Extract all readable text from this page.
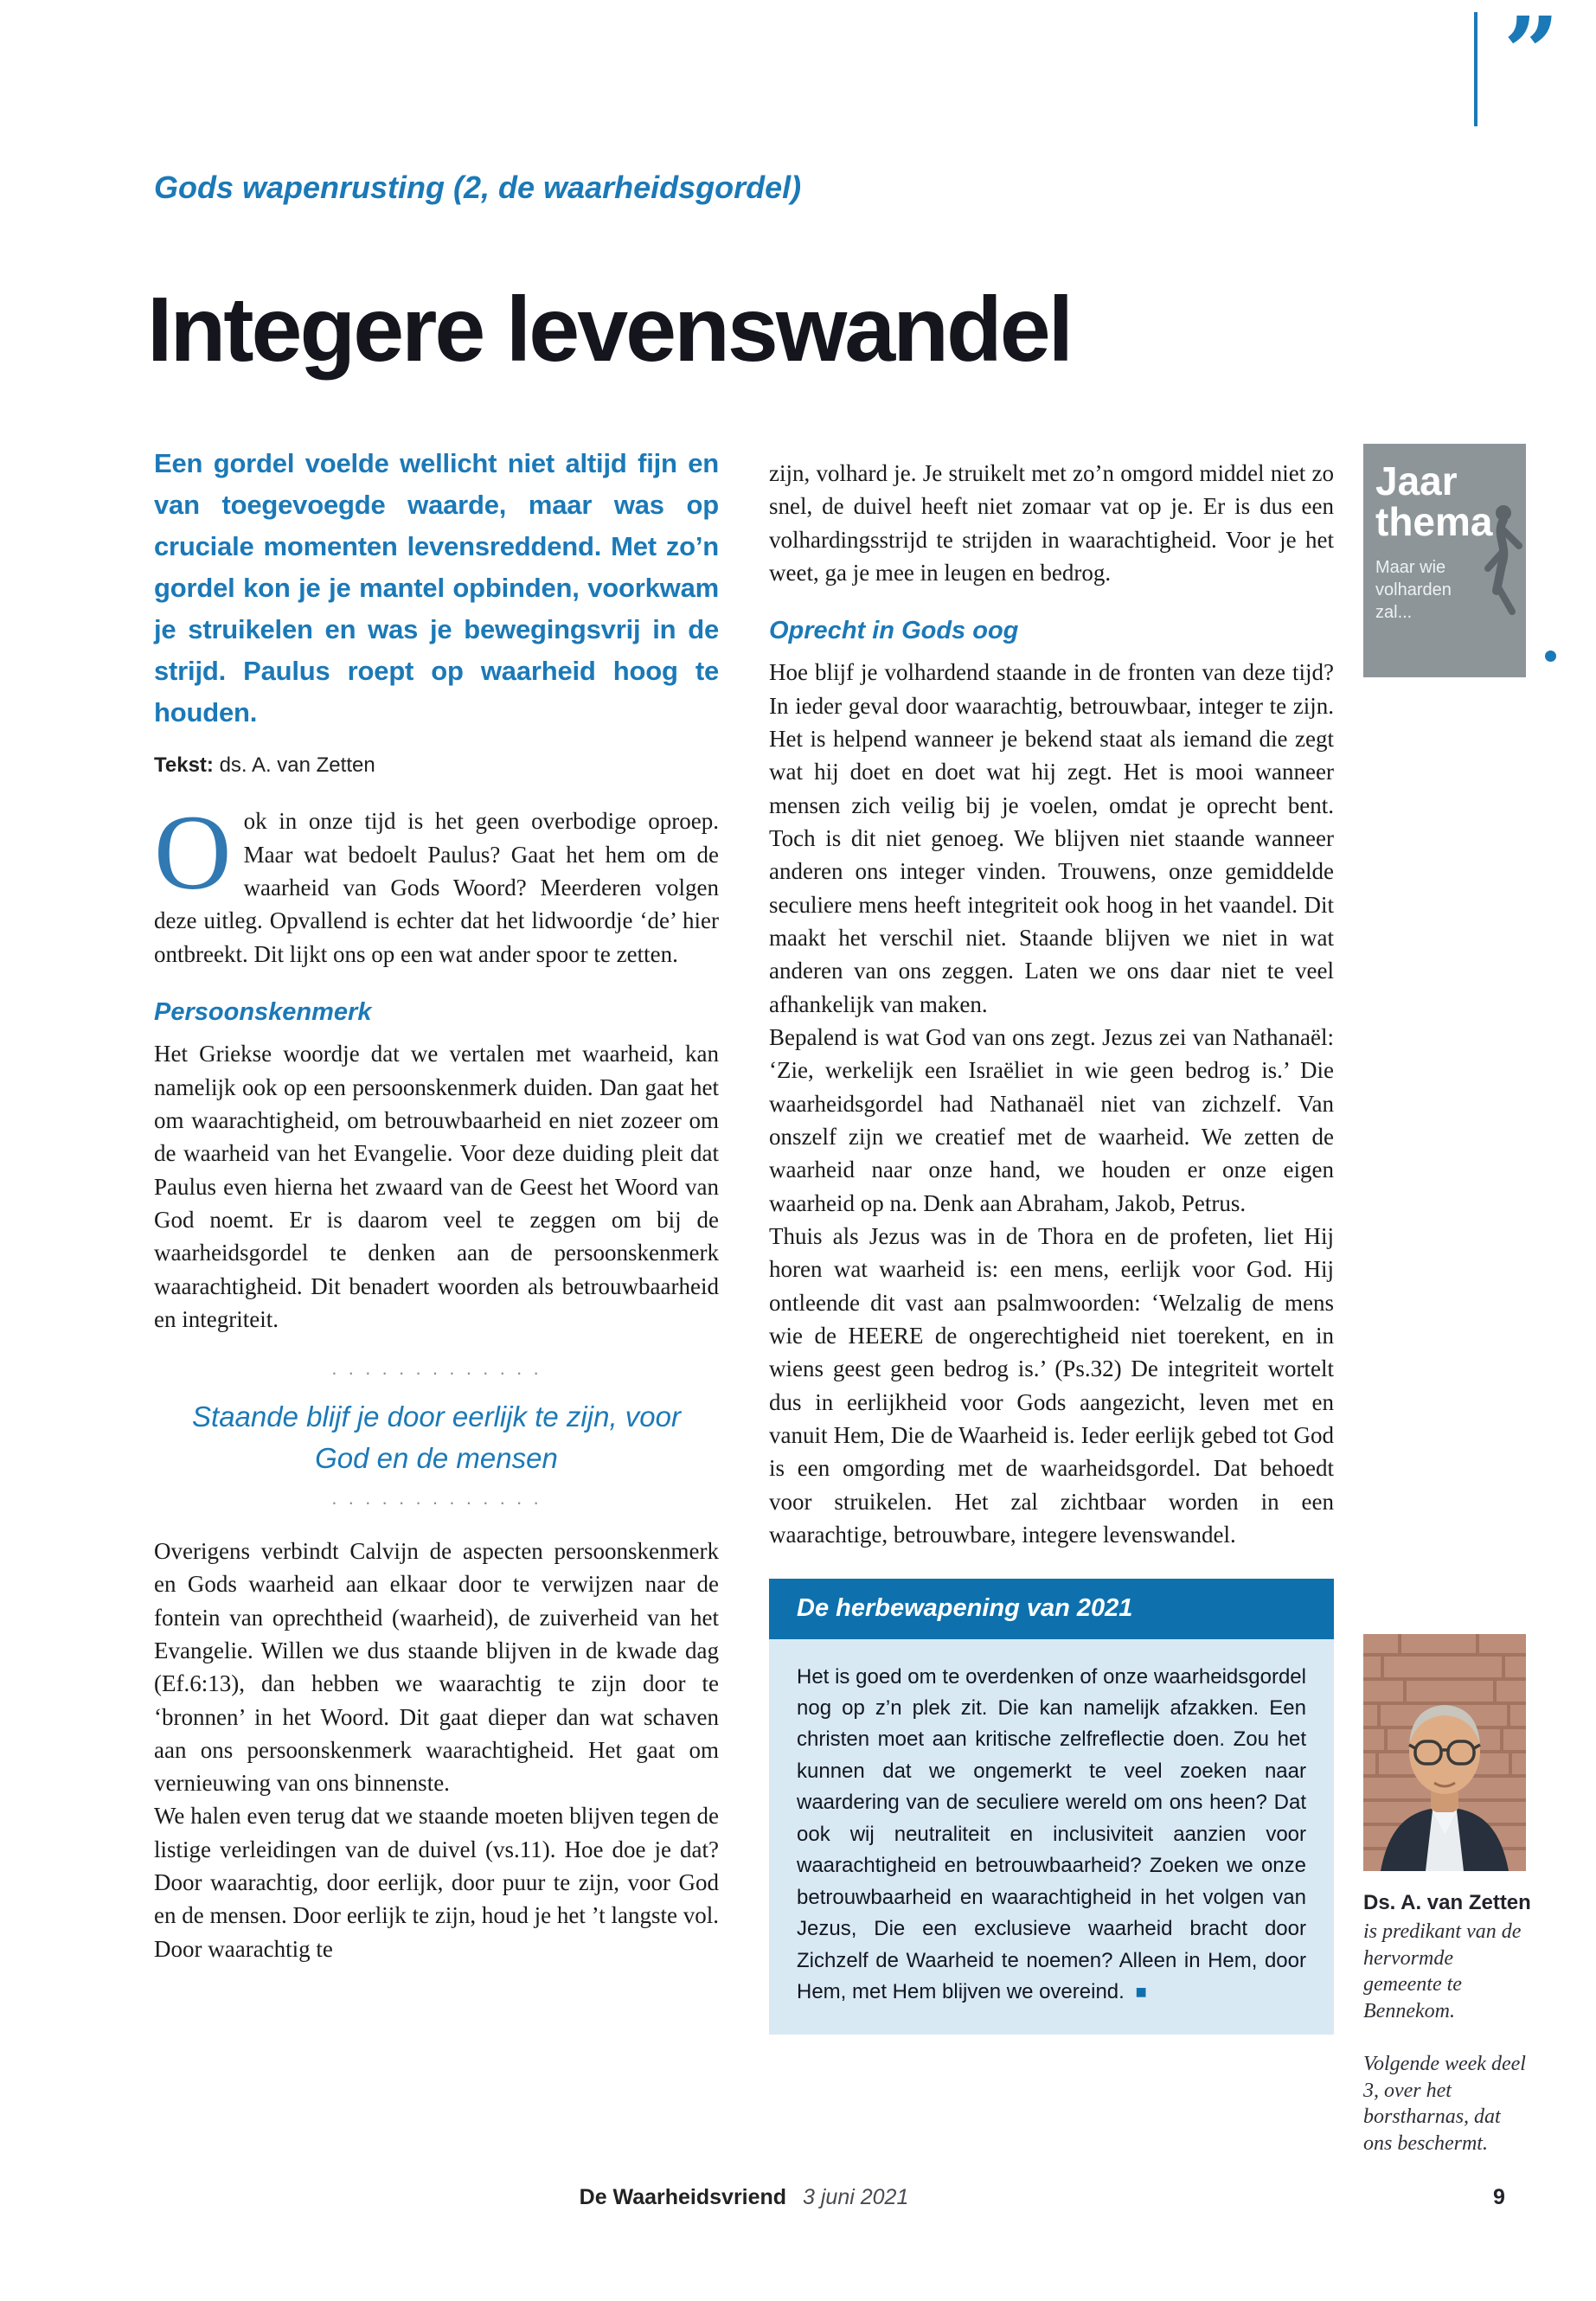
”
Gods wapenrusting (2, de waarheidsgordel)
Integere levenswandel

Een gordel voelde wellicht niet altijd fijn en van toegevoegde waarde, maar was op cruciale momenten levensreddend. Met zo’n gordel kon je je mantel opbinden, voorkwam je struikelen en was je bewegingsvrij in de strijd. Paulus roept op waarheid hoog te houden.

Tekst: ds. A. van Zetten

Ook in onze tijd is het geen overbodige oproep. Maar wat bedoelt Paulus? Gaat het hem om de waarheid van Gods Woord? Meerderen volgen deze uitleg. Opvallend is echter dat het lidwoordje ‘de’ hier ontbreekt. Dit lijkt ons op een wat ander spoor te zetten.

Persoonskenmerk

Het Griekse woordje dat we vertalen met waarheid, kan namelijk ook op een persoonskenmerk duiden. Dan gaat het om waarachtigheid, om betrouwbaarheid en niet zozeer om de waarheid van het Evangelie. Voor deze duiding pleit dat Paulus even hierna het zwaard van de Geest het Woord van God noemt. Er is daarom veel te zeggen om bij de waarheidsgordel te denken aan de persoonskenmerk waarachtigheid. Dit benadert woorden als betrouwbaarheid en integriteit.

· · · · · · · · · · · · ·
Staande blijf je door eerlijk te zijn, voor God en de mensen
· · · · · · · · · · · · ·

Overigens verbindt Calvijn de aspecten persoonskenmerk en Gods waarheid aan elkaar door te verwijzen naar de fontein van oprechtheid (waarheid), de zuiverheid van het Evangelie. Willen we dus staande blijven in de kwade dag (Ef.6:13), dan hebben we waarachtig te zijn door te ‘bronnen’ in het Woord. Dit gaat dieper dan wat schaven aan ons persoonskenmerk waarachtigheid. Het gaat om vernieuwing van ons binnenste.

We halen even terug dat we staande moeten blijven tegen de listige verleidingen van de duivel (vs.11). Hoe doe je dat? Door waarachtig, door eerlijk, door puur te zijn, voor God en de mensen. Door eerlijk te zijn, houd je het ’t langste vol. Door waarachtig te

zijn, volhard je. Je struikelt met zo’n omgord middel niet zo snel, de duivel heeft niet zomaar vat op je. Er is dus een volhardingsstrijd te strijden in waarachtigheid. Voor je het weet, ga je mee in leugen en bedrog.

Oprecht in Gods oog

Hoe blijf je volhardend staande in de fronten van deze tijd? In ieder geval door waarachtig, betrouwbaar, integer te zijn. Het is helpend wanneer je bekend staat als iemand die zegt wat hij doet en doet wat hij zegt. Het is mooi wanneer mensen zich veilig bij je voelen, omdat je oprecht bent. Toch is dit niet genoeg. We blijven niet staande wanneer anderen ons integer vinden. Trouwens, onze gemiddelde seculiere mens heeft integriteit ook hoog in het vaandel. Dit maakt het verschil niet. Staande blijven we niet in wat anderen van ons zeggen. Laten we ons daar niet te veel afhankelijk van maken.

Bepalend is wat God van ons zegt. Jezus zei van Nathanaël: ‘Zie, werkelijk een Israëliet in wie geen bedrog is.’ Die waarheidsgordel had Nathanaël niet van zichzelf. Van onszelf zijn we creatief met de waarheid. We zetten de waarheid naar onze hand, we houden er onze eigen waarheid op na. Denk aan Abraham, Jakob, Petrus.

Thuis als Jezus was in de Thora en de profeten, liet Hij horen wat waarheid is: een mens, eerlijk voor God. Hij ontleende dit vast aan psalmwoorden: ‘Welzalig de mens wie de HEERE de ongerechtigheid niet toerekent, en in wiens geest geen bedrog is.’ (Ps.32) De integriteit wortelt dus in eerlijkheid voor Gods aangezicht, leven met en vanuit Hem, Die de Waarheid is. Ieder eerlijk gebed tot God is een omgording met de waarheidsgordel. Dat behoedt voor struikelen. Het zal zichtbaar worden in een waarachtige, betrouwbare, integere levenswandel.

De herbewapening van 2021
Het is goed om te overdenken of onze waarheidsgordel nog op z’n plek zit. Die kan namelijk afzakken. Een christen moet aan kritische zelfreflectie doen. Zou het kunnen dat we ongemerkt te veel zoeken naar waardering van de seculiere wereld om ons heen? Dat ook wij neutraliteit en inclusiviteit aanzien voor waarachtigheid en betrouwbaarheid? Zoeken we onze betrouwbaarheid en waarachtigheid in het volgen van Jezus, Die een exclusieve waarheid bracht door Zichzelf de Waarheid te noemen? Alleen in Hem, door Hem, met Hem blijven we overeind. ■
Jaar
thema
Maar wie volharden zal...
Ds. A. van Zetten
is predikant van de hervormde gemeente te Bennekom.
Volgende week deel 3, over het borstharnas, dat ons beschermt.
De Waarheidsvriend 3 juni 2021	9
